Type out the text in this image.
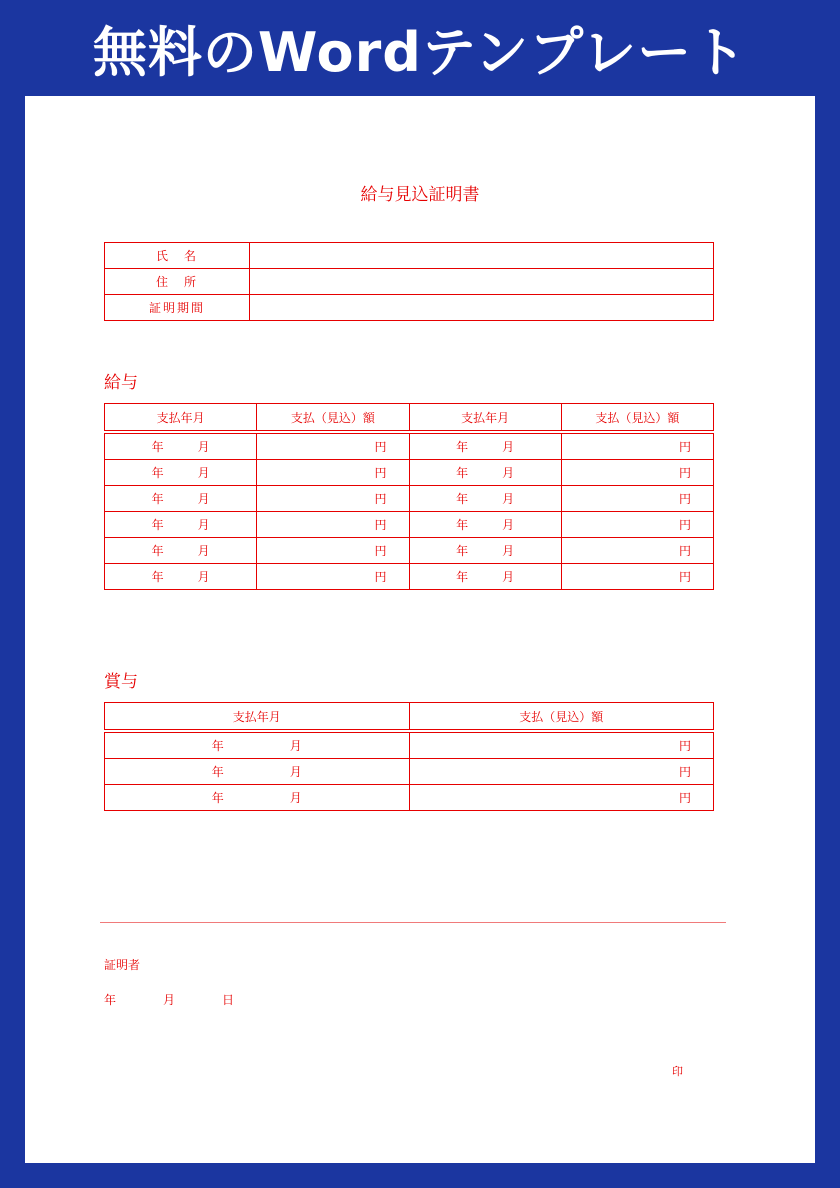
無料のWordテンプレート
給与見込証明書
氏　名	
住　所	
証明期間	
給与
支払年月	支払（見込）額	支払年月	支払（見込）額

年 月	円	年 月	円

年 月	円	年 月	円

年 月	円	年 月	円

年 月	円	年 月	円

年 月	円	年 月	円

年 月	円	年 月	円
賞与
支払年月	支払（見込）額

年 月	円

年 月	円

年 月	円
証明者
年	月	日
印
